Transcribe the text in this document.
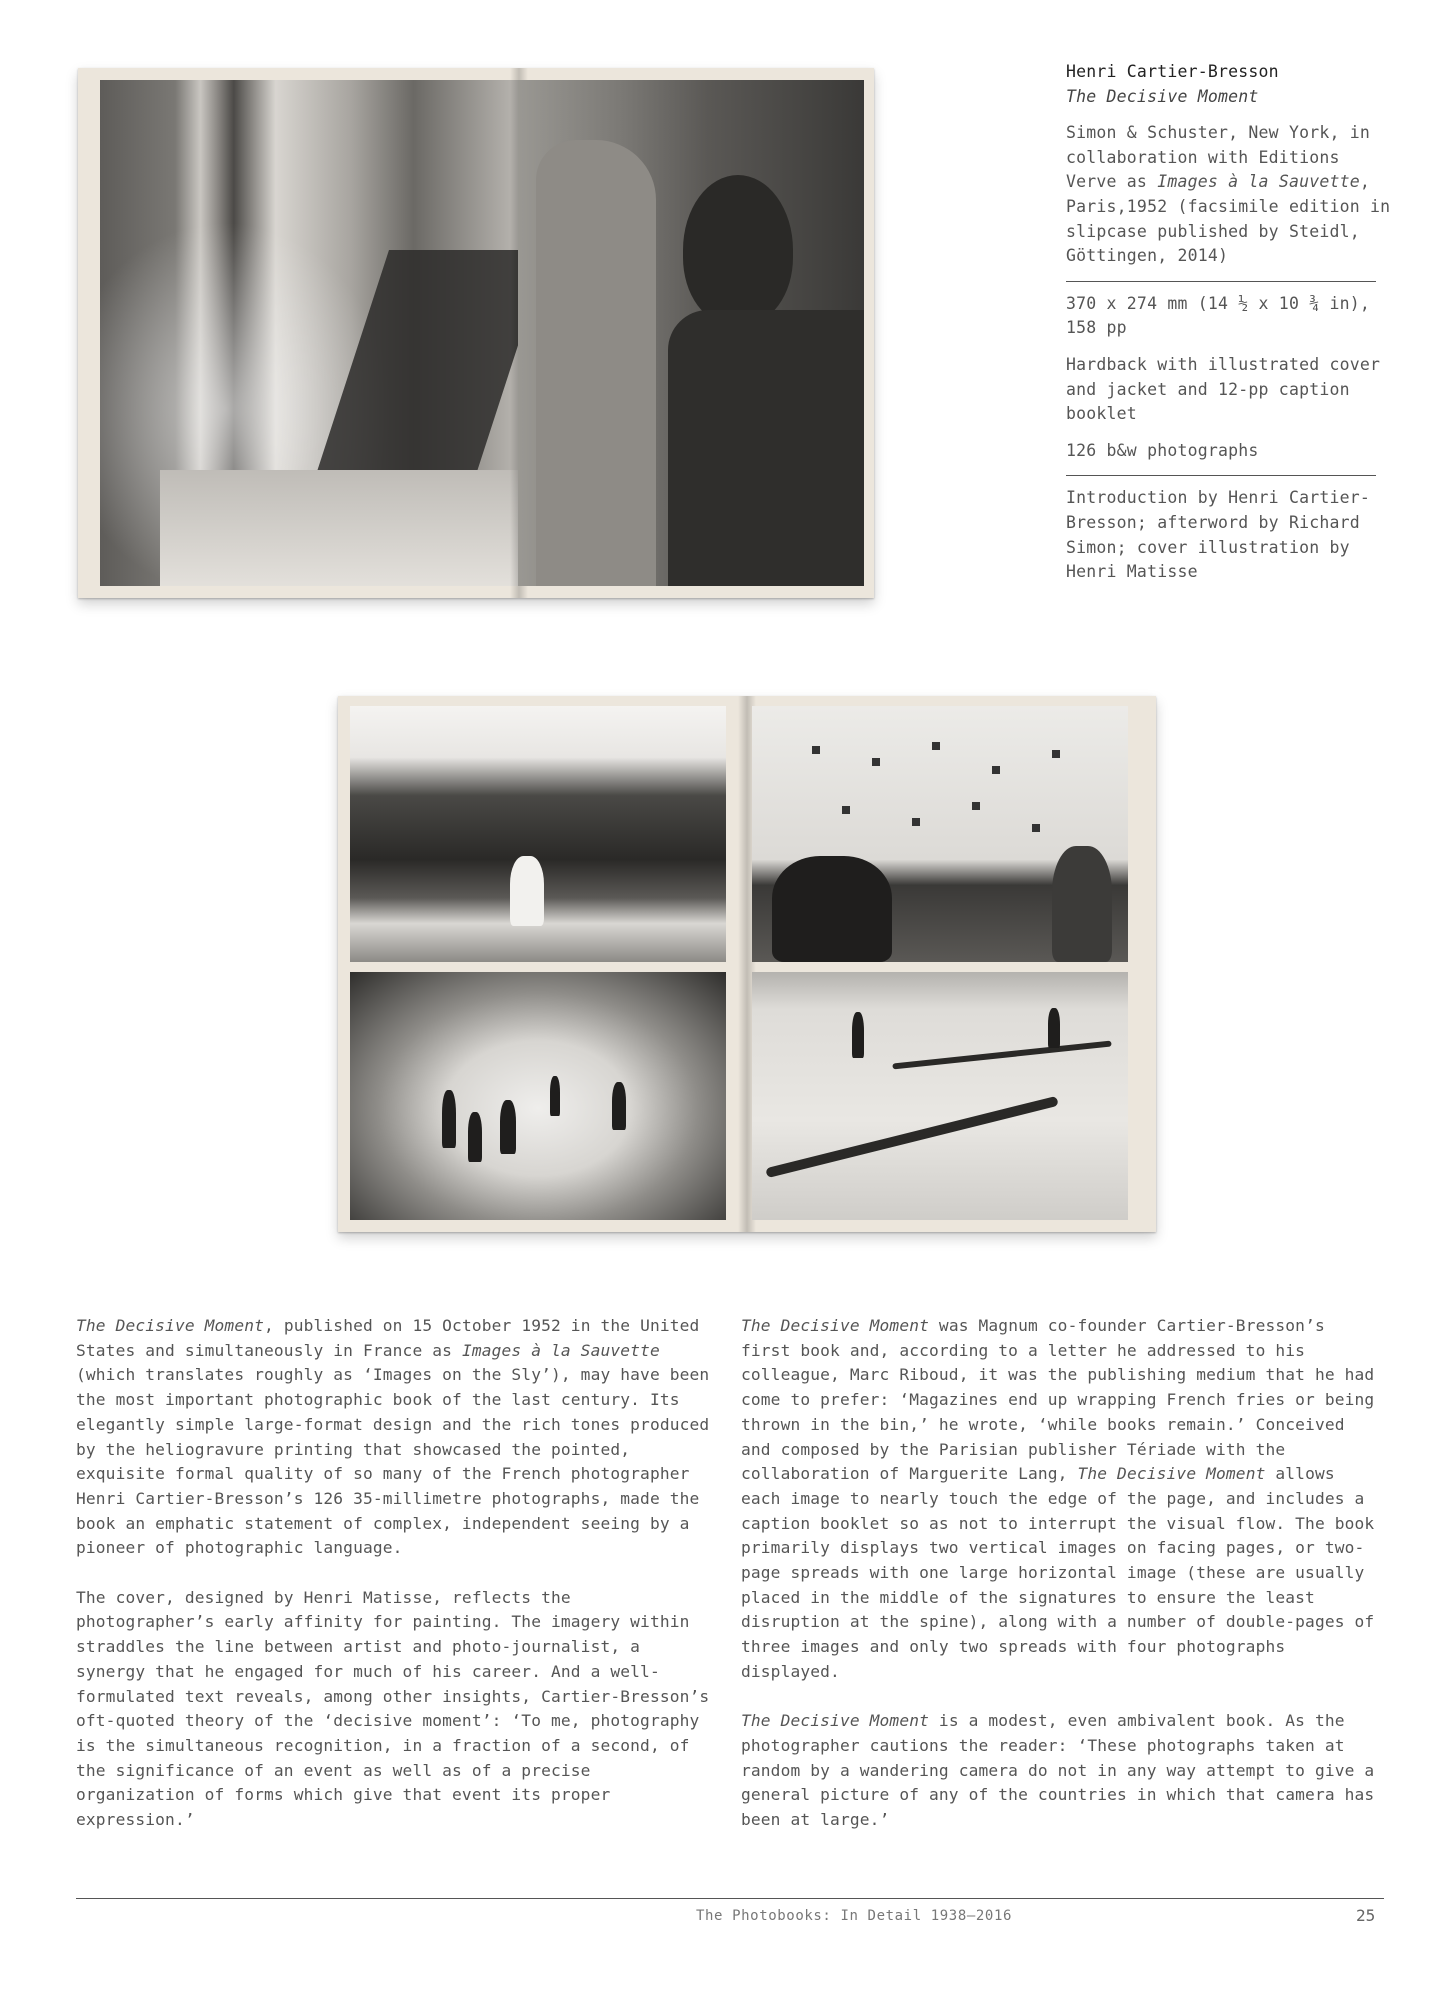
Henri Cartier-Bresson

The Decisive Moment

Simon & Schuster, New York, in collaboration with Editions Verve as Images à la Sauvette, Paris,1952 (facsimile edition in slipcase published by Steidl, Göttingen, 2014)

370 x 274 mm (14 ½ x 10 ¾ in), 158 pp

Hardback with illustrated cover and jacket and 12-pp caption booklet

126 b&w photographs

Introduction by Henri Cartier-Bresson; afterword by Richard Simon; cover illustration by Henri Matisse

The Decisive Moment, published on 15 October 1952 in the United States and simultaneously in France as Images à la Sauvette (which translates roughly as ‘Images on the Sly’), may have been the most important photographic book of the last century. Its elegantly simple large-format design and the rich tones produced by the heliogravure printing that showcased the pointed, exquisite formal quality of so many of the French photographer Henri Cartier-Bresson’s 126 35-millimetre photographs, made the book an emphatic statement of complex, independent seeing by a pioneer of photographic language.

The cover, designed by Henri Matisse, reflects the photographer’s early affinity for painting. The imagery within straddles the line between artist and photo-journalist, a synergy that he engaged for much of his career. And a well-formulated text reveals, among other insights, Cartier-Bresson’s oft-quoted theory of the ‘decisive moment’: ‘To me, photography is the simultaneous recognition, in a fraction of a second, of the significance of an event as well as of a precise organization of forms which give that event its proper expression.’

The Decisive Moment was Magnum co-founder Cartier-Bresson’s first book and, according to a letter he addressed to his colleague, Marc Riboud, it was the publishing medium that he had come to prefer: ‘Magazines end up wrapping French fries or being thrown in the bin,’ he wrote, ‘while books remain.’ Conceived and composed by the Parisian publisher Tériade with the collaboration of Marguerite Lang, The Decisive Moment allows each image to nearly touch the edge of the page, and includes a caption booklet so as not to interrupt the visual flow. The book primarily displays two vertical images on facing pages, or two-page spreads with one large horizontal image (these are usually placed in the middle of the signatures to ensure the least disruption at the spine), along with a number of double-pages of three images and only two spreads with four photographs displayed.

The Decisive Moment is a modest, even ambivalent book. As the photographer cautions the reader: ‘These photographs taken at random by a wandering camera do not in any way attempt to give a general picture of any of the countries in which that camera has been at large.’

The Photobooks: In Detail 1938–2016	25
